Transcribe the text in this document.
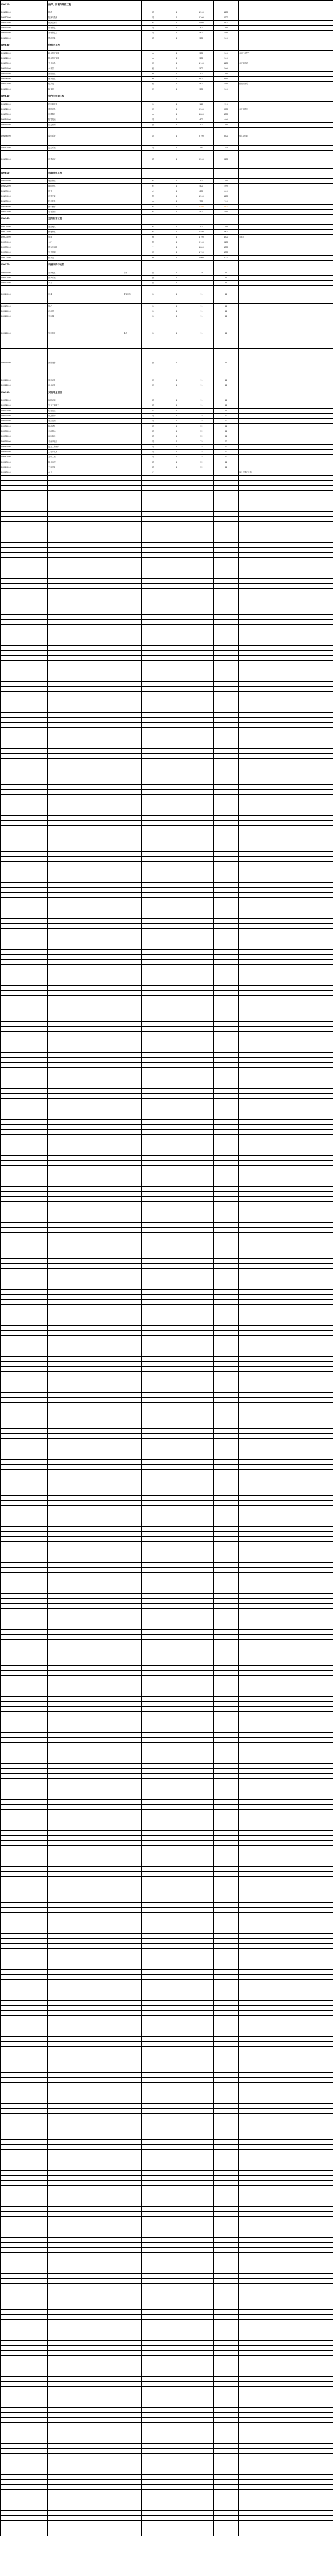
D9420		抽风、防潮与隔热工程						
D9161000		抽风		项	1	1200	1200	
D9162000		防潮与隔热		项	1	1200	1200	
D9163000		隔热层铺设		m²	1	1600	1600	
D9164000		幕墙保温		项	1	300	300	
D9165000		外墙保温层		项	1	400	400	
D9166000		屋面保温		项	1	300	300	
D9430		给排水工程						
D9171000		给水管道安装		m	1	300	300	含阀门及配件
D9172000		排水管道安装		m	1	300	300	
D9173000		卫生洁具		套	1	1100	1100	含安装调试
D9174000		水表井		座	1	500	500	
D9175000		消防管道		m	1	200	200	
D9176000		雨水管道		m	1	600	600	
D9177000		化粪池		座	1	400	400	按设计图纸
D9178000		检查井		座	1	300	300	
D9440		电气与照明工程						
D9181000		配电箱安装		台	1	120	120	
D9182000		照明灯具		套	1	2500	2500	含开关插座
D9183000		电缆敷设		m	1	1800	1800	
D9184000		防雷接地		项	1	400	400	
D9185000		应急照明		套	1	200	200	
D9186000		弱电系统		项	1	2700	2700	按实际结算
D9187000		监控系统		项	1	180	180	
D9188000		门禁系统		项	1	2200	2200	
D9450		装饰装修工程						
D9191000		地面铺装		m²	1	700	700	
D9192000		墙面涂料		m²	1	500	500	
D9193000		吊顶		m²	1	600	600	
D9194000		门窗安装		樘	1	1200	1200	
D9195000		栏杆扶手		m	1	700	700	
D9196000		涂料翻新		m²	1	1500	1500	
D9197000		石材饰面		m²	1	500	500	
D9460		室外配套工程						
D9201000		道路硬化		m²	1	700	700	
D9202000		绿化种植		m²	1	1400	1400	
D9203000		围墙		m	1	1700	1700	含基础
D9204000		大门		樘	1	2100	2100	
D9205000		停车位划线		个	1	1800	1800	
D9206000		室外照明		套	1	1700	1700	
D9207000		排水沟		m	1	1000	1000	
D9470		设备采购与安装						
D9211000		空调机组	变频	台	1	19	19	
D9212000		新风系统		套	1	11	11	
D9213000		水泵		台	1	11	11	
D9214000		电梯	乘客电梯	台	1	11	11	
D9215000		锅炉		台	1	11	11	
D9216000		冷却塔		台	1	11	11	
D9217000		变压器		台	1	11	11	
D9218000		发电机组	柴油	台	1	11	11	
D9219000		消防设备		套	1	11	11	
D9220000		厨房设备		套	1	11	11	
D9221000		净水设备		套	1	11	11	
D9480		其他零星项目						
D9231000		临时设施		项	1	11	11	
D9232000		安全文明施工		项	1	11	11	
D9233000		垃圾清运		车	1	11	11	
D9234000		成品保护		项	1	22	22	
D9235000		竣工清理		项	1	22	22	
D9236000		检测试验		项	1	22	22	
D9237000		二次搬运		项	1	22	22	
D9238000		夜间施工		项	1	22	22	
D9239000		冬雨季施工		项	1	22	22	
D9240000		已完工程保护		项	1	22	22	
D9241000		工程水电费		项	1	22	22	
D9242000		文明工地		项	1	22	22	
D9243000		扬尘治理		项	1	22	22	
D9244000		工程保险		项	1	22	22	
D9245000		合计		元				以上为暂定价格
